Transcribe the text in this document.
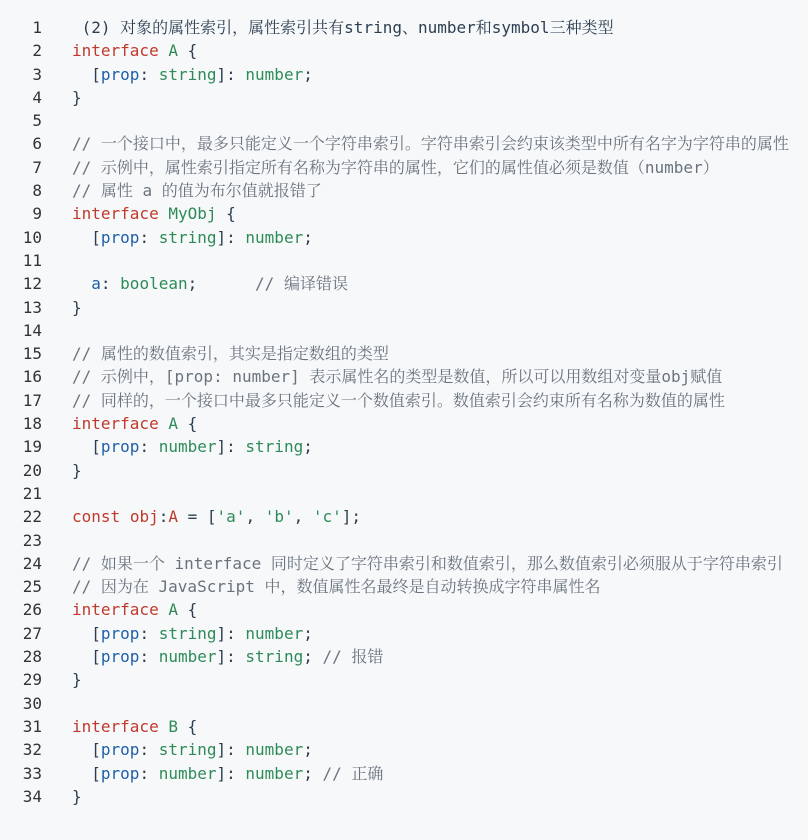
1	(2) 对象的属性索引，属性索引共有string、number和symbol三种类型
2	interface A {
3	[prop: string]: number;
4	}
5
6	// 一个接口中，最多只能定义一个字符串索引。字符串索引会约束该类型中所有名字为字符串的属性
7	// 示例中，属性索引指定所有名称为字符串的属性，它们的属性值必须是数值（number）
8	// 属性 a 的值为布尔值就报错了
9	interface MyObj {
10	[prop: string]: number;
11
12	a: boolean;      // 编译错误
13	}
14
15	// 属性的数值索引，其实是指定数组的类型
16	// 示例中，[prop: number] 表示属性名的类型是数值，所以可以用数组对变量obj赋值
17	// 同样的，一个接口中最多只能定义一个数值索引。数值索引会约束所有名称为数值的属性
18	interface A {
19	[prop: number]: string;
20	}
21
22	const obj:A = ['a', 'b', 'c'];
23
24	// 如果一个 interface 同时定义了字符串索引和数值索引，那么数值索引必须服从于字符串索引
25	// 因为在 JavaScript 中，数值属性名最终是自动转换成字符串属性名
26	interface A {
27	[prop: string]: number;
28	[prop: number]: string; // 报错
29	}
30
31	interface B {
32	[prop: string]: number;
33	[prop: number]: number; // 正确
34	}
